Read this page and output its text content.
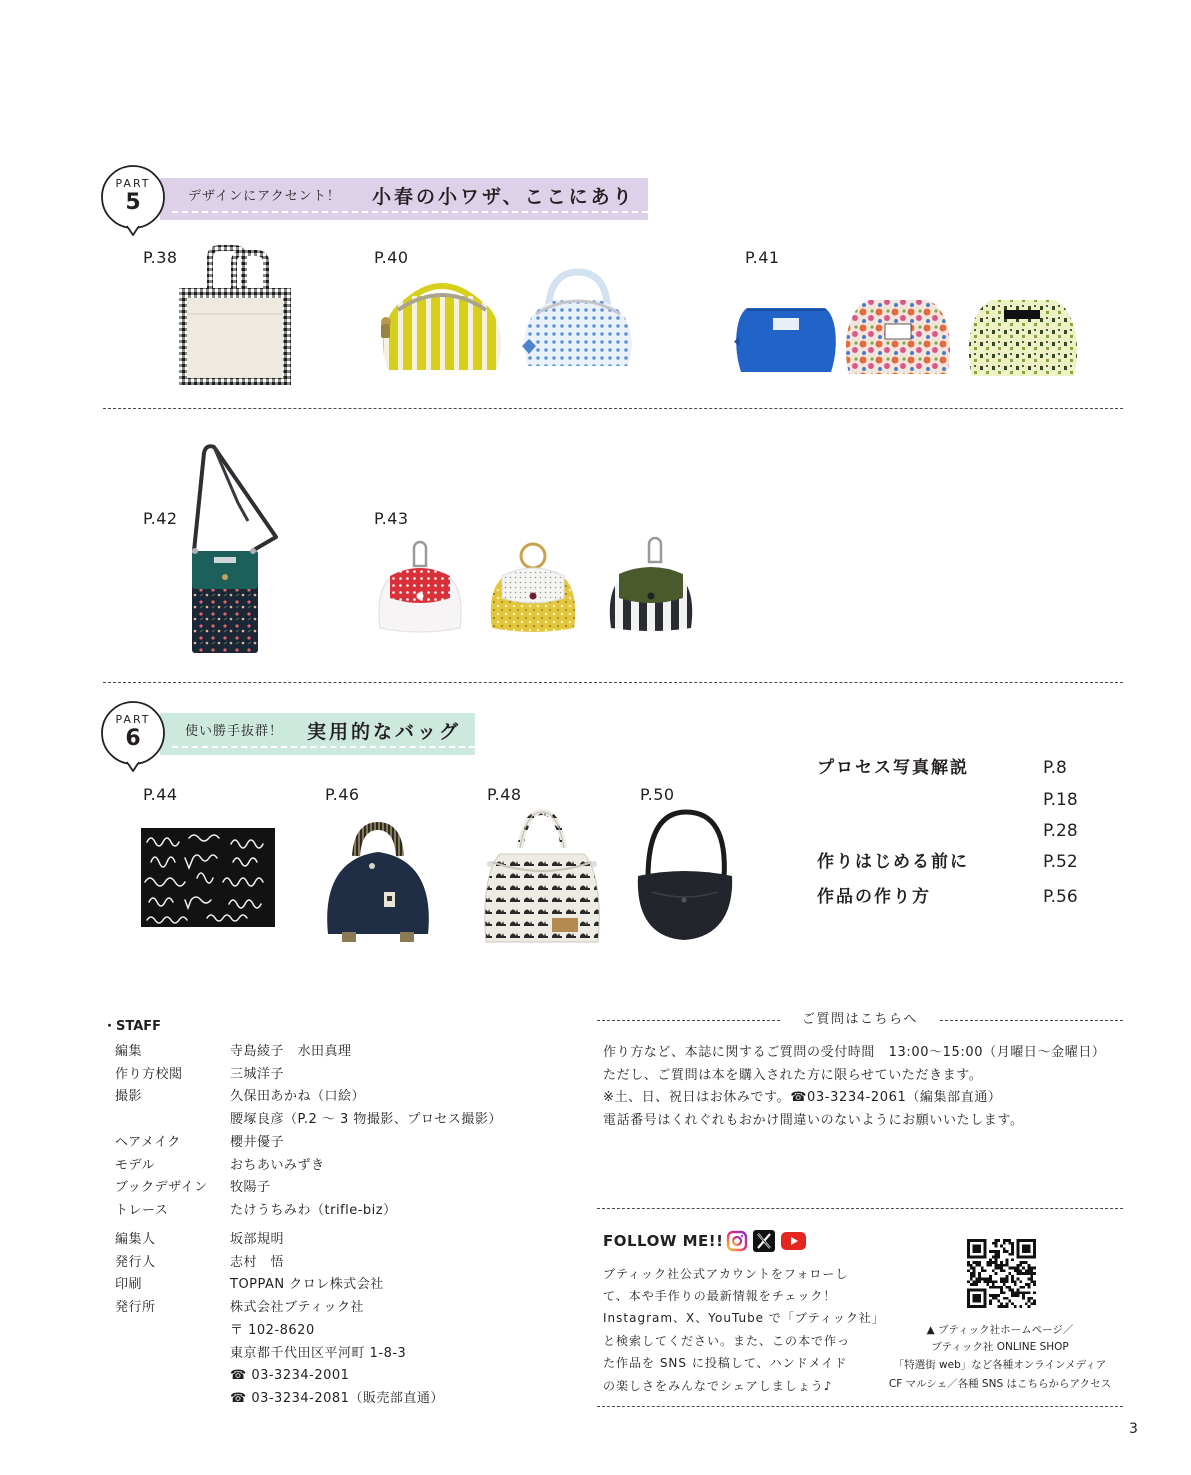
デザインにアクセント！ 小春の小ワザ、ここにあり
PART
5
P.38	P.40	P.41
P.42	P.43
使い勝手抜群！ 実用的なバッグ
PART
6
P.44	P.46	P.48	P.50
プロセス写真解説	P.8
P.18
P.28
作りはじめる前に	P.52
作品の作り方	P.56
・STAFF
編集	寺島綾子　水田真理
作り方校閲	三城洋子
撮影	久保田あかね（口絵）
腰塚良彦（P.2 ～ 3 物撮影、プロセス撮影）
ヘアメイク	櫻井優子
モデル	おちあいみずき
ブックデザイン 牧陽子
トレース	たけうちみわ（trifle-biz）
編集人	坂部規明
発行人	志村　悟
印刷	TOPPAN クロレ株式会社
発行所	株式会社ブティック社
〒 102-8620
東京都千代田区平河町 1-8-3
☎ 03-3234-2001
☎ 03-3234-2081（販売部直通）
ご質問はこちらへ
作り方など、本誌に関するご質問の受付時間　13:00～15:00（月曜日～金曜日）
ただし、ご質問は本を購入された方に限らせていただきます。
※土、日、祝日はお休みです。☎03-3234-2061（編集部直通）
電話番号はくれぐれもおかけ間違いのないようにお願いいたします。
FOLLOW ME!!
ブティック社公式アカウントをフォローし
て、本や手作りの最新情報をチェック！
Instagram、X、YouTube で「ブティック社」
と検索してください。また、この本で作っ
た作品を SNS に投稿して、ハンドメイド
の楽しさをみんなでシェアしましょう♪
▲ ブティック社ホームページ／
ブティック社 ONLINE SHOP
「特選街 web」など各種オンラインメディア
CF マルシェ／各種 SNS はこちらからアクセス
3
